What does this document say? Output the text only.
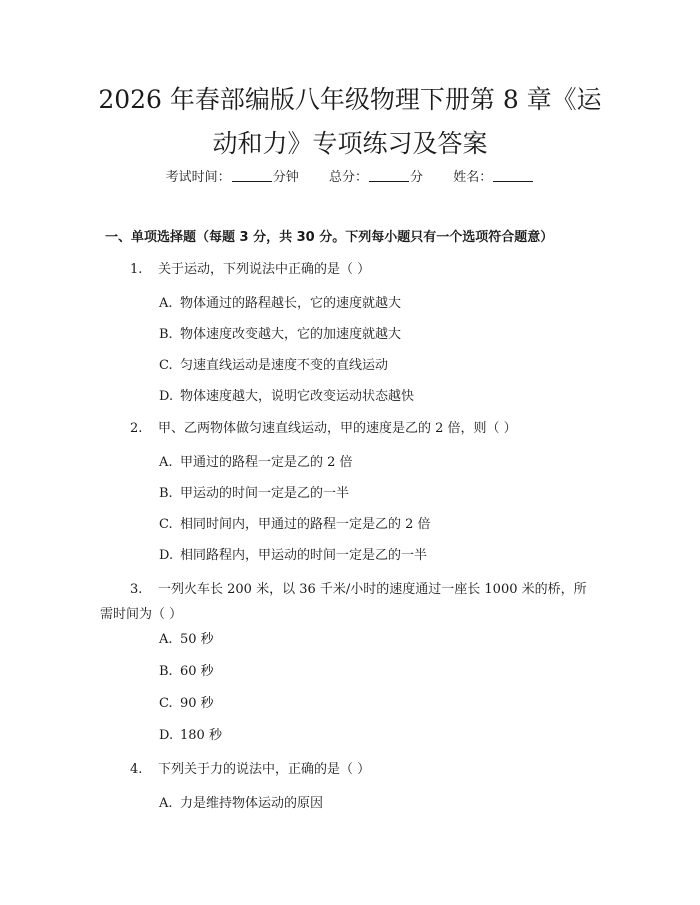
2026 年春部编版八年级物理下册第 8 章《运
动和力》专项练习及答案
考试时间：	分钟 总分：	分 姓名：
一、单项选择题（每题 3 分，共 30 分。下列每小题只有一个选项符合题意）
1. 关于运动，下列说法中正确的是（ ）
A. 物体通过的路程越长，它的速度就越大
B. 物体速度改变越大，它的加速度就越大
C. 匀速直线运动是速度不变的直线运动
D. 物体速度越大，说明它改变运动状态越快
2. 甲、乙两物体做匀速直线运动，甲的速度是乙的 2 倍，则（ ）
A. 甲通过的路程一定是乙的 2 倍
B. 甲运动的时间一定是乙的一半
C. 相同时间内，甲通过的路程一定是乙的 2 倍
D. 相同路程内，甲运动的时间一定是乙的一半
3. 一列火车长 200 米，以 36 千米/小时的速度通过一座长 1000 米的桥，所
需时间为（ ）
A. 50 秒
B. 60 秒
C. 90 秒
D. 180 秒
4. 下列关于力的说法中，正确的是（ ）
A. 力是维持物体运动的原因
